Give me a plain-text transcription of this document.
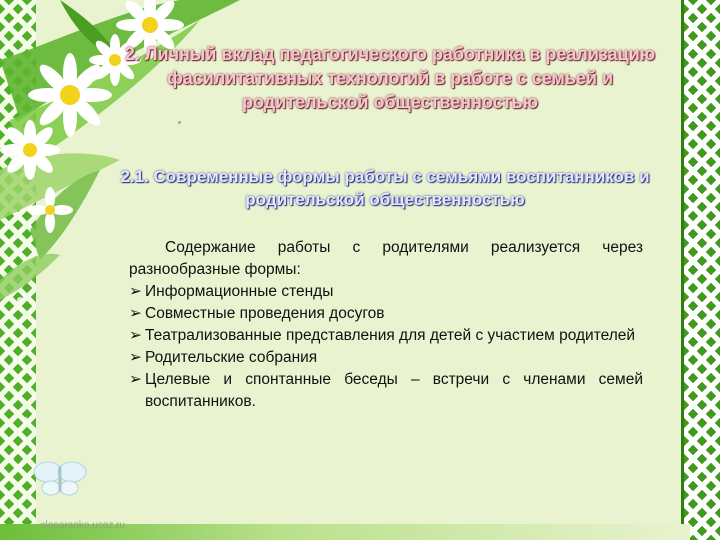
2. Личный вклад педагогического работника в реализацию фасилитативных технологий в работе с семьей и родительской общественностью
2.1. Современные формы работы с семьями воспитанников и родительской общественностью

Содержание работы с родителями реализуется через разнообразные формы:

➢ Информационные стенды
➢ Совместные проведения досугов
➢ Театрализованные представления для детей с участием родителей
➢ Родительские собрания
➢ Целевые и спонтанные беседы – встречи с членами семей воспитанников.
elenaranko.ucoz.ru
